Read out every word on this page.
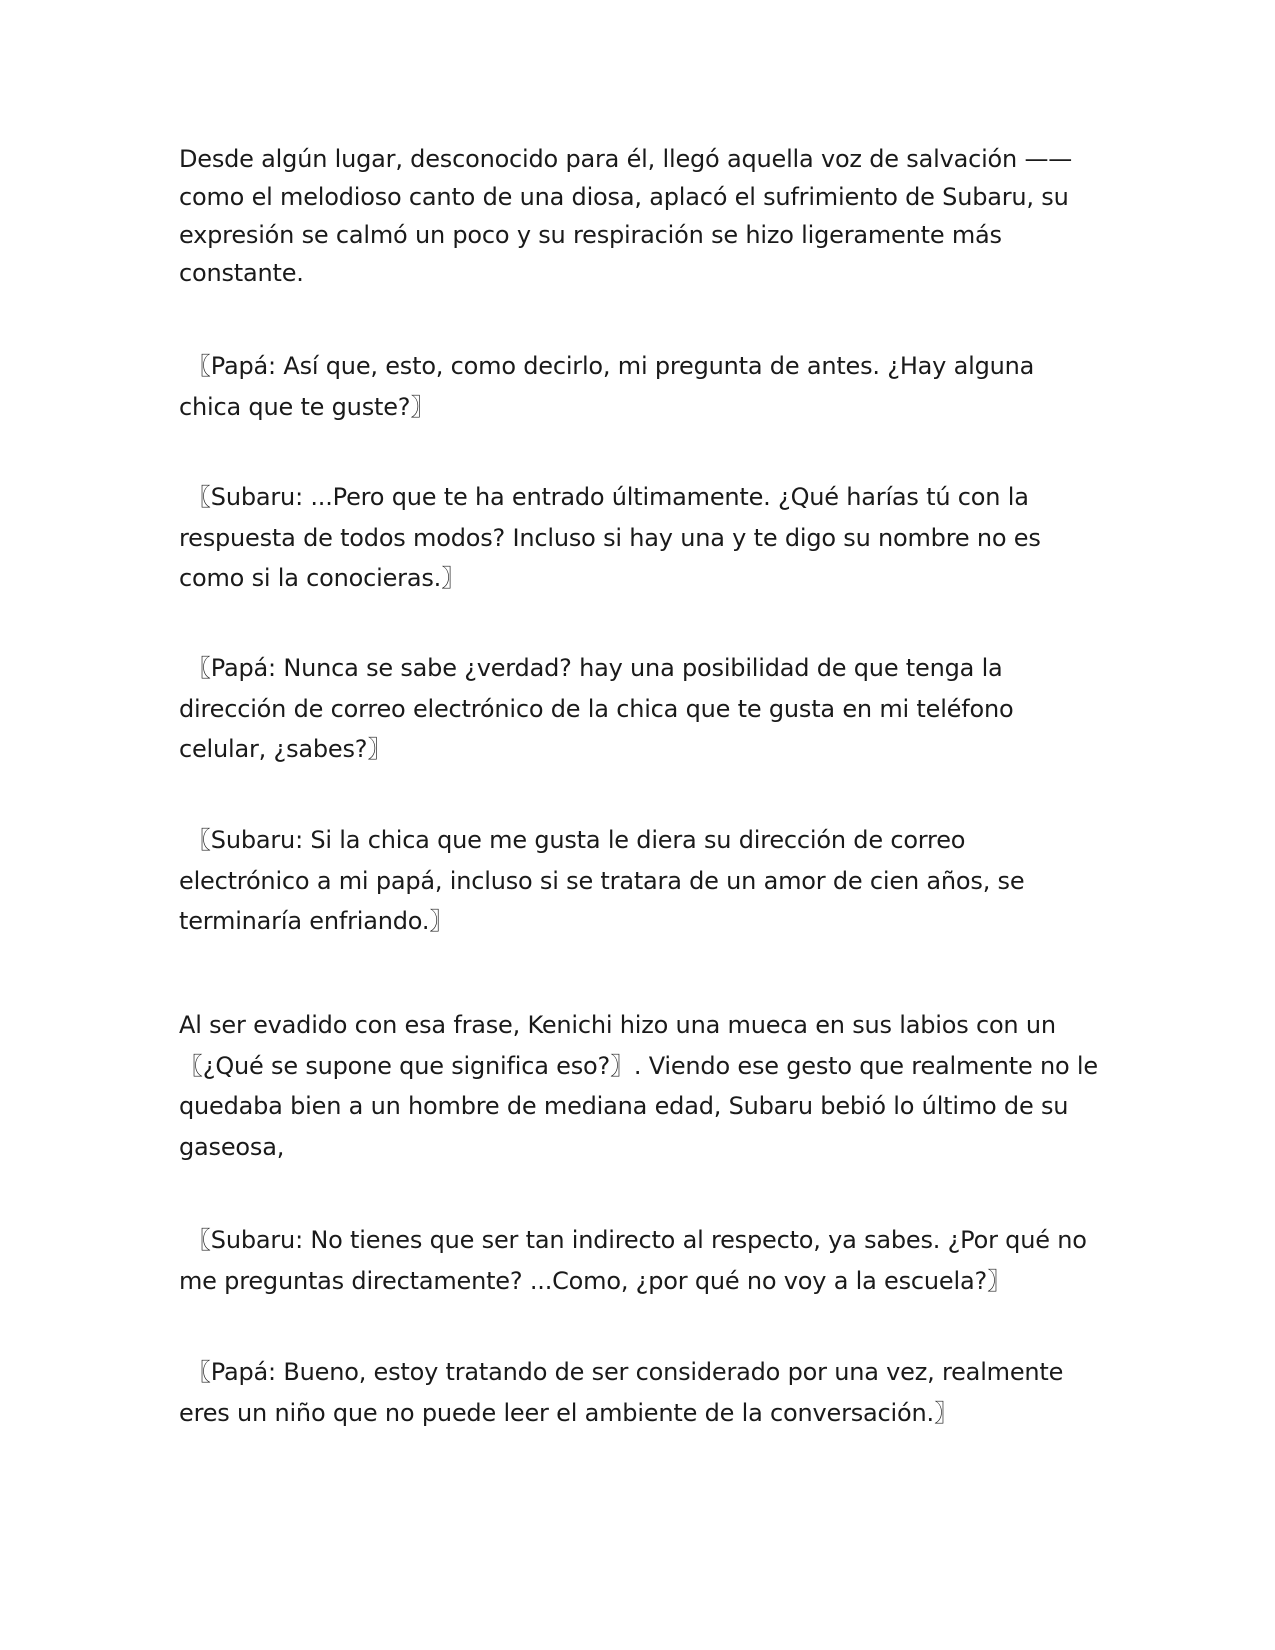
Desde algún lugar, desconocido para él, llegó aquella voz de salvación ——como el melodioso canto de una diosa, aplacó el sufrimiento de Subaru, su expresión se calmó un poco y su respiración se hizo ligeramente más constante.

〖Papá: Así que, esto, como decirlo, mi pregunta de antes. ¿Hay alguna chica que te guste?〗

〖Subaru: ...Pero que te ha entrado últimamente. ¿Qué harías tú con la respuesta de todos modos? Incluso si hay una y te digo su nombre no es como si la conocieras.〗

〖Papá: Nunca se sabe ¿verdad? hay una posibilidad de que tenga la dirección de correo electrónico de la chica que te gusta en mi teléfono celular, ¿sabes?〗

〖Subaru: Si la chica que me gusta le diera su dirección de correo electrónico a mi papá, incluso si se tratara de un amor de cien años, se terminaría enfriando.〗

Al ser evadido con esa frase, Kenichi hizo una mueca en sus labios con un 〖¿Qué se supone que significa eso?〗. Viendo ese gesto que realmente no le quedaba bien a un hombre de mediana edad, Subaru bebió lo último de su gaseosa,

〖Subaru: No tienes que ser tan indirecto al respecto, ya sabes. ¿Por qué no me preguntas directamente? ...Como, ¿por qué no voy a la escuela?〗

〖Papá: Bueno, estoy tratando de ser considerado por una vez, realmente eres un niño que no puede leer el ambiente de la conversación.〗
